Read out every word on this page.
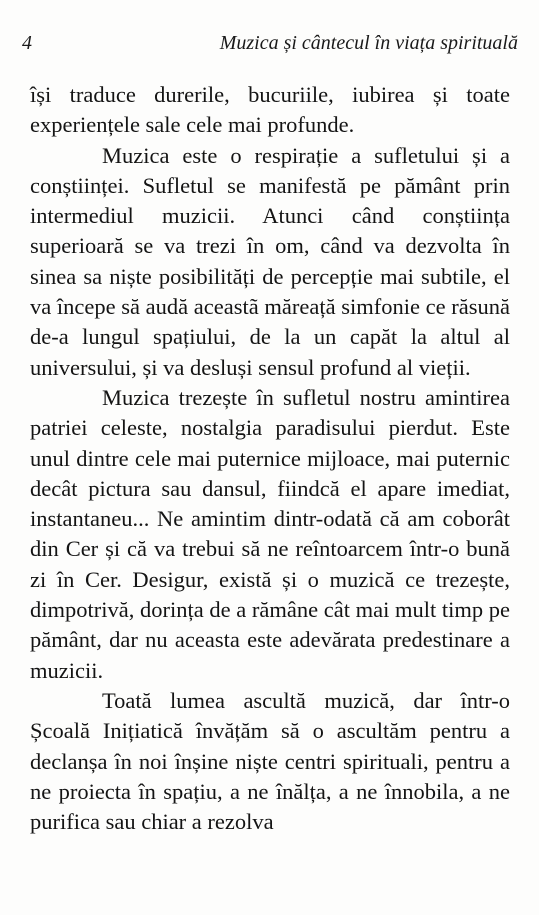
4	Muzica și cântecul în viața spirituală

își traduce durerile, bucuriile, iubirea și toate experiențele sale cele mai profunde.

Muzica este o respirație a sufletului și a conștiinței. Sufletul se manifestă pe pământ prin intermediul muzicii. Atunci când conștiința superioară se va trezi în om, când va dezvolta în sinea sa niște posibilități de percepție mai subtile, el va începe să audă aceastã măreață simfonie ce răsună de-a lungul spațiului, de la un capăt la altul al universului, și va desluși sensul profund al vieții.

Muzica trezește în sufletul nostru amintirea patriei celeste, nostalgia paradisului pierdut. Este unul dintre cele mai puternice mijloace, mai puternic decât pictura sau dansul, fiindcă el apare imediat, instantaneu... Ne amintim dintr-odată că am coborât din Cer și că va trebui să ne reîntoarcem într-o bună zi în Cer. Desigur, există și o muzică ce trezește, dimpotrivă, dorința de a rămâne cât mai mult timp pe pământ, dar nu aceasta este adevărata predestinare a muzicii.

Toată lumea ascultă muzică, dar într-o Școală Inițiatică învățăm să o ascultăm pentru a declanșa în noi înșine niște centri spirituali, pentru a ne proiecta în spațiu, a ne înălța, a ne înnobila, a ne purifica sau chiar a rezolva
